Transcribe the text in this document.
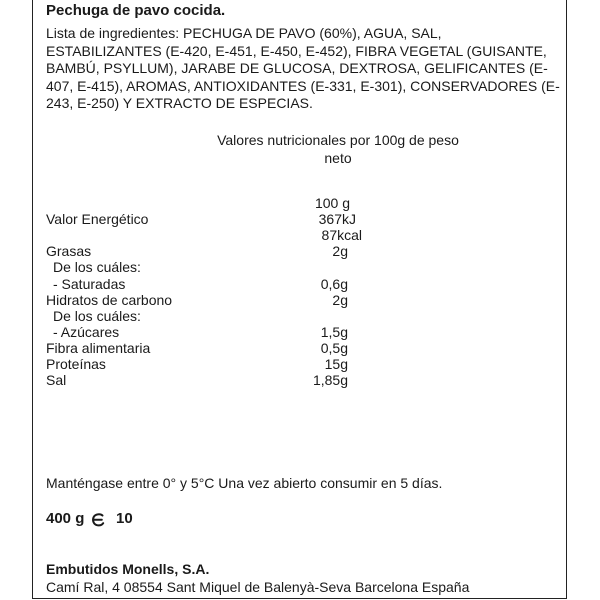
Pechuga de pavo cocida.
Lista de ingredientes: PECHUGA DE PAVO (60%), AGUA, SAL, ESTABILIZANTES (E-420, E-451, E-450, E-452), FIBRA VEGETAL (GUISANTE, BAMBÚ, PSYLLUM), JARABE DE GLUCOSA, DEXTROSA, GELIFICANTES (E-407, E-415), AROMAS, ANTIOXIDANTES (E-331, E-301), CONSERVADORES (E-243, E-250) Y EXTRACTO DE ESPECIAS.
Valores nutricionales por 100g de peso neto
100 g
Valor Energético	367kJ
87kcal
Grasas	2g
De los cuáles:
- Saturadas	0,6g
Hidratos de carbono	2g
De los cuáles:
- Azúcares	1,5g
Fibra alimentaria	0,5g
Proteínas	15g
Sal	1,85g
Manténgase entre 0° y 5°C Una vez abierto consumir en 5 días.
400 g 10
Embutidos Monells, S.A.
Camí Ral, 4 08554 Sant Miquel de Balenyà-Seva Barcelona España
